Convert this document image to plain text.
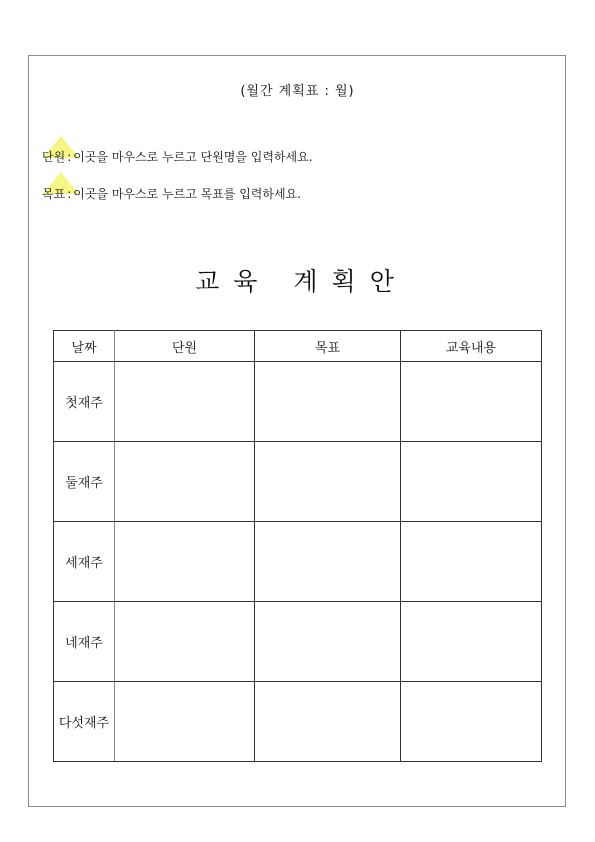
(월간 계획표 : 월)
단원 : 이곳을 마우스로 누르고 단원명을 입력하세요.
목표 : 이곳을 마우스로 누르고 목표를 입력하세요.
교육 계획안
날짜	단원	목표	교육내용
첫재주			
둘재주			
세재주			
네재주			
다섯재주			
